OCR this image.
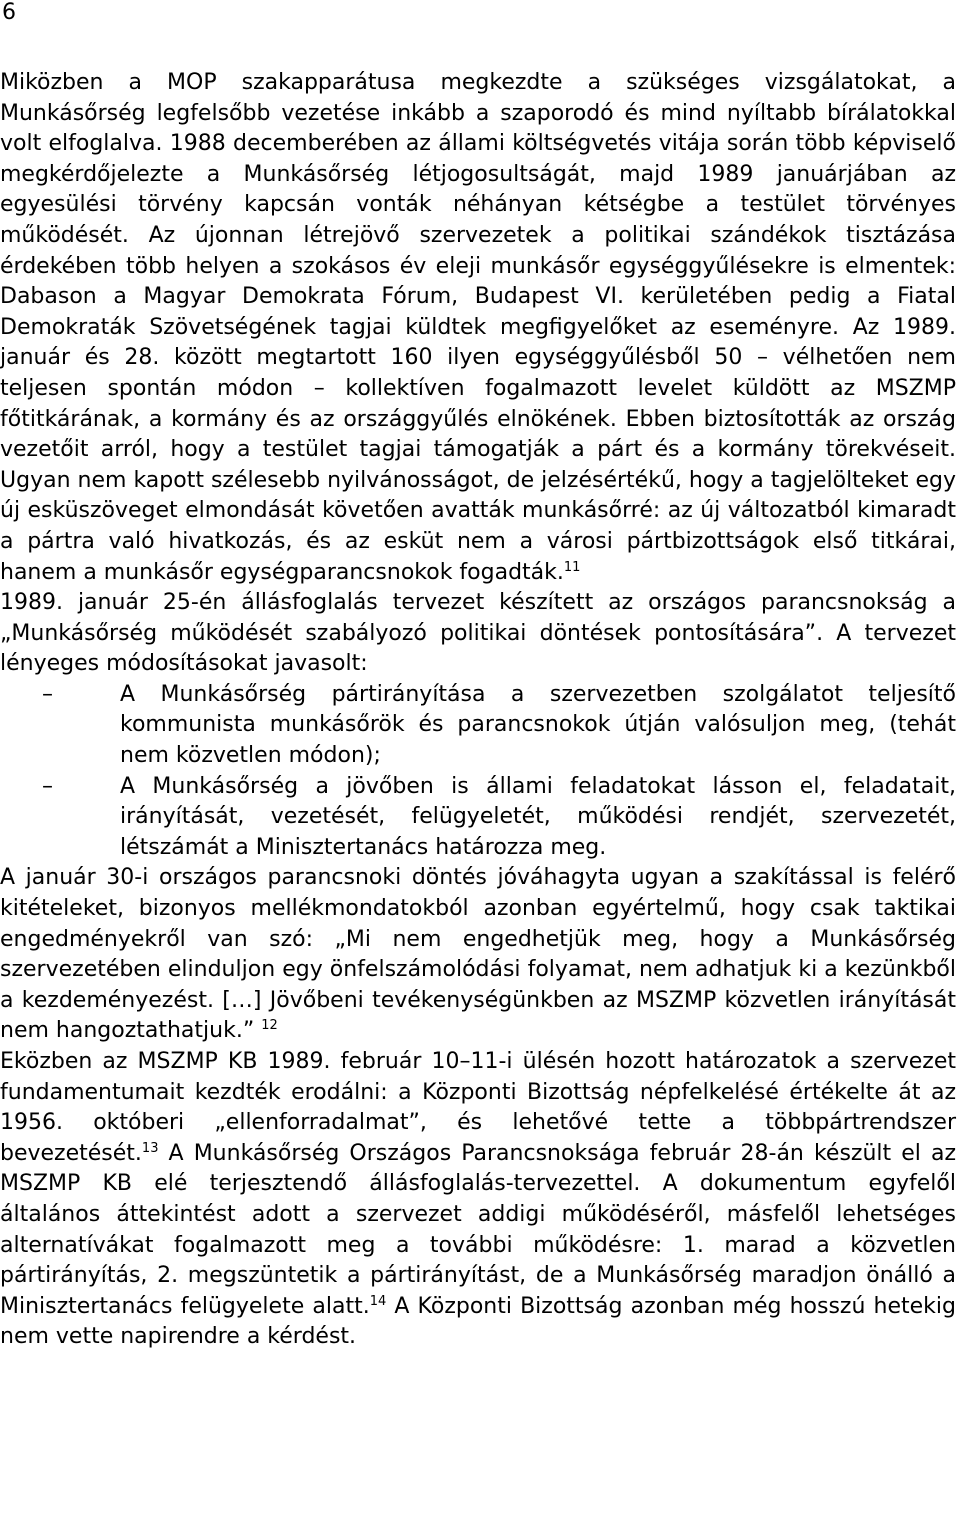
6

Miközben a MOP szakapparátusa megkezdte a szükséges vizsgálatokat, a Munkásőrség legfelsőbb vezetése inkább a szaporodó és mind nyíltabb bírálatokkal volt elfoglalva. 1988 decemberében az állami költségvetés vitája során több képviselő megkérdőjelezte a Munkásőrség létjogosultságát, majd 1989 januárjában az egyesülési törvény kapcsán vonták néhányan kétségbe a testület törvényes működését. Az újonnan létrejövő szervezetek a politikai szándékok tisztázása érdekében több helyen a szokásos év eleji munkásőr egységgyűlésekre is elmentek: Dabason a Magyar Demokrata Fórum, Budapest VI. kerületében pedig a Fiatal Demokraták Szövetségének tagjai küldtek megfigyelőket az eseményre. Az 1989. január és 28. között megtartott 160 ilyen egységgyűlésből 50 – vélhetően nem teljesen spontán módon – kollektíven fogalmazott levelet küldött az MSZMP főtitkárának, a kormány és az országgyűlés elnökének. Ebben biztosították az ország vezetőit arról, hogy a testület tagjai támogatják a párt és a kormány törekvéseit. Ugyan nem kapott szélesebb nyilvánosságot, de jelzésértékű, hogy a tagjelölteket egy új esküszöveget elmondását követően avatták munkásőrré: az új változatból kimaradt a pártra való hivatkozás, és az esküt nem a városi pártbizottságok első titkárai, hanem a munkásőr egységparancsnokok fogadták.$^{11}$

1989. január 25-én állásfoglalás tervezet készített az országos parancsnokság a „Munkásőrség működését szabályozó politikai döntések pontosítására”. A tervezet lényeges módosításokat javasolt:

–	A Munkásőrség pártirányítása a szervezetben szolgálatot teljesítő kommunista munkásőrök és parancsnokok útján valósuljon meg, (tehát nem közvetlen módon);
–	A Munkásőrség a jövőben is állami feladatokat lásson el, feladatait, irányítását, vezetését, felügyeletét, működési rendjét, szervezetét, létszámát a Minisztertanács határozza meg.

A január 30-i országos parancsnoki döntés jóváhagyta ugyan a szakítással is felérő kitételeket, bizonyos mellékmondatokból azonban egyértelmű, hogy csak taktikai engedményekről van szó: „Mi nem engedhetjük meg, hogy a Munkásőrség szervezetében elinduljon egy önfelszámolódási folyamat, nem adhatjuk ki a kezünkből a kezdeményezést. […] Jövőbeni tevékenységünkben az MSZMP közvetlen irányítását nem hangoztathatjuk.” $^{12}$

Eközben az MSZMP KB 1989. február 10–11-i ülésén hozott határozatok a szervezet fundamentumait kezdték erodálni: a Központi Bizottság népfelkelésé értékelte át az 1956. októberi „ellenforradalmat”, és lehetővé tette a többpártrendszer bevezetését.$^{13}$ A Munkásőrség Országos Parancsnoksága február 28-án készült el az MSZMP KB elé terjesztendő állásfoglalás-tervezettel. A dokumentum egyfelől általános áttekintést adott a szervezet addigi működéséről, másfelől lehetséges alternatívákat fogalmazott meg a további működésre: 1. marad a közvetlen pártirányítás, 2. megszüntetik a pártirányítást, de a Munkásőrség maradjon önálló a Minisztertanács felügyelete alatt.$^{14}$ A Központi Bizottság azonban még hosszú hetekig nem vette napirendre a kérdést.
